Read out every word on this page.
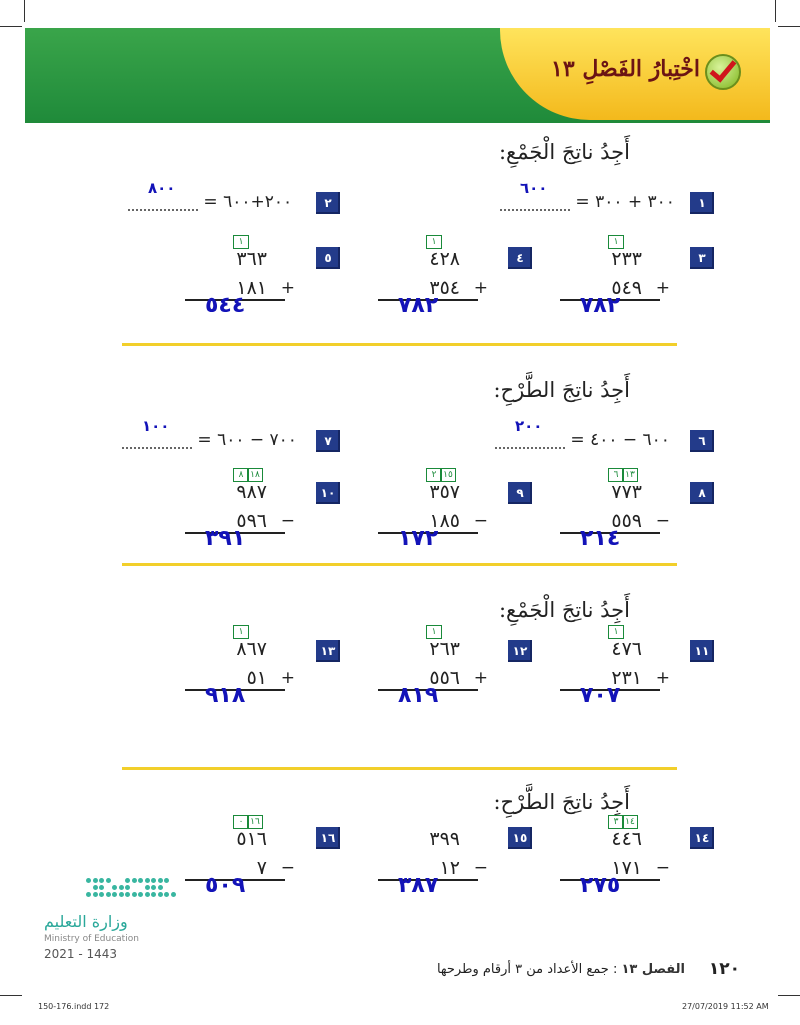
اخْتِبارُ الفَصْلِ ١٣
أَجِدُ ناتِجَ الْجَمْعِ:
أَجِدُ ناتِجَ الطَّرْحِ:
أَجِدُ ناتِجَ الْجَمْعِ:
أَجِدُ ناتِجَ الطَّرْحِ:
١
٣٠٠ + ٣٠٠ =
٦٠٠
٢
٢٠٠+٦٠٠ =
٨٠٠
٦
٦٠٠ − ٤٠٠ =
٢٠٠
٧
٧٠٠ − ٦٠٠ =
١٠٠
٣
١
٢٣٣
٥٤٩ +
٧٨٢
٤
١
٤٢٨
٣٥٤ +
٧٨٢
٥
١
٣٦٣
١٨١ +
٥٤٤
٨
٦ ١٣
٧٧٣
٥٥٩ −
٢١٤
٩
٢ ١٥
٣٥٧
١٨٥ −
١٧٢
١٠
٨ ١٨
٩٨٧
٥٩٦ −
٣٩١
١١
١
٤٧٦
٢٣١ +
٧٠٧
١٢
١
٢٦٣
٥٥٦ +
٨١٩
١٣
١
٨٦٧
٥١ +
٩١٨
١٤
٣ ١٤
٤٤٦
١٧١ −
٢٧٥
١٥
٣٩٩
١٢ −
٣٨٧
١٦
٠ ١٦
٥١٦
٧ −
٥٠٩
وزارة التعليم
Ministry of Education
2021 - 1443
١٢٠
الفصل ١٣ : جمع الأعداد من ٣ أرقام وطرحها
150-176.indd 172	27/07/2019 11:52 AM
